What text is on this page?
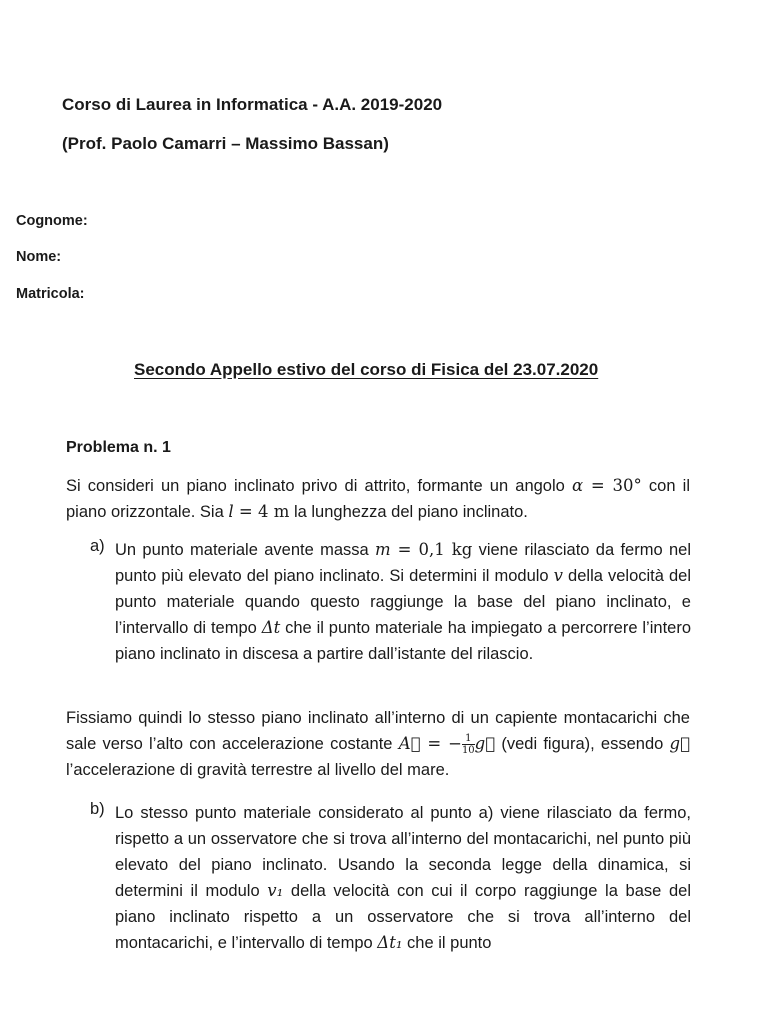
Corso di Laurea in Informatica - A.A. 2019-2020
(Prof. Paolo Camarri – Massimo Bassan)
Cognome:
Nome:
Matricola:
Secondo Appello estivo del corso di Fisica del 23.07.2020
Problema n. 1
Si consideri un piano inclinato privo di attrito, formante un angolo α = 30° con il piano orizzontale. Sia l = 4 m la lunghezza del piano inclinato.
a) Un punto materiale avente massa m = 0,1 kg viene rilasciato da fermo nel punto più elevato del piano inclinato. Si determini il modulo v della velocità del punto materiale quando questo raggiunge la base del piano inclinato, e l’intervallo di tempo Δt che il punto materiale ha impiegato a percorrere l’intero piano inclinato in discesa a partire dall’istante del rilascio.
Fissiamo quindi lo stesso piano inclinato all’interno di un capiente montacarichi che sale verso l’alto con accelerazione costante A⃗ = − $\frac{1}{10}$ g⃗ (vedi figura), essendo g⃗ l’accelerazione di gravità terrestre al livello del mare.
b) Lo stesso punto materiale considerato al punto a) viene rilasciato da fermo, rispetto a un osservatore che si trova all’interno del montacarichi, nel punto più elevato del piano inclinato. Usando la seconda legge della dinamica, si determini il modulo v₁ della velocità con cui il corpo raggiunge la base del piano inclinato rispetto a un osservatore che si trova all’interno del montacarichi, e l’intervallo di tempo Δt₁ che il punto
